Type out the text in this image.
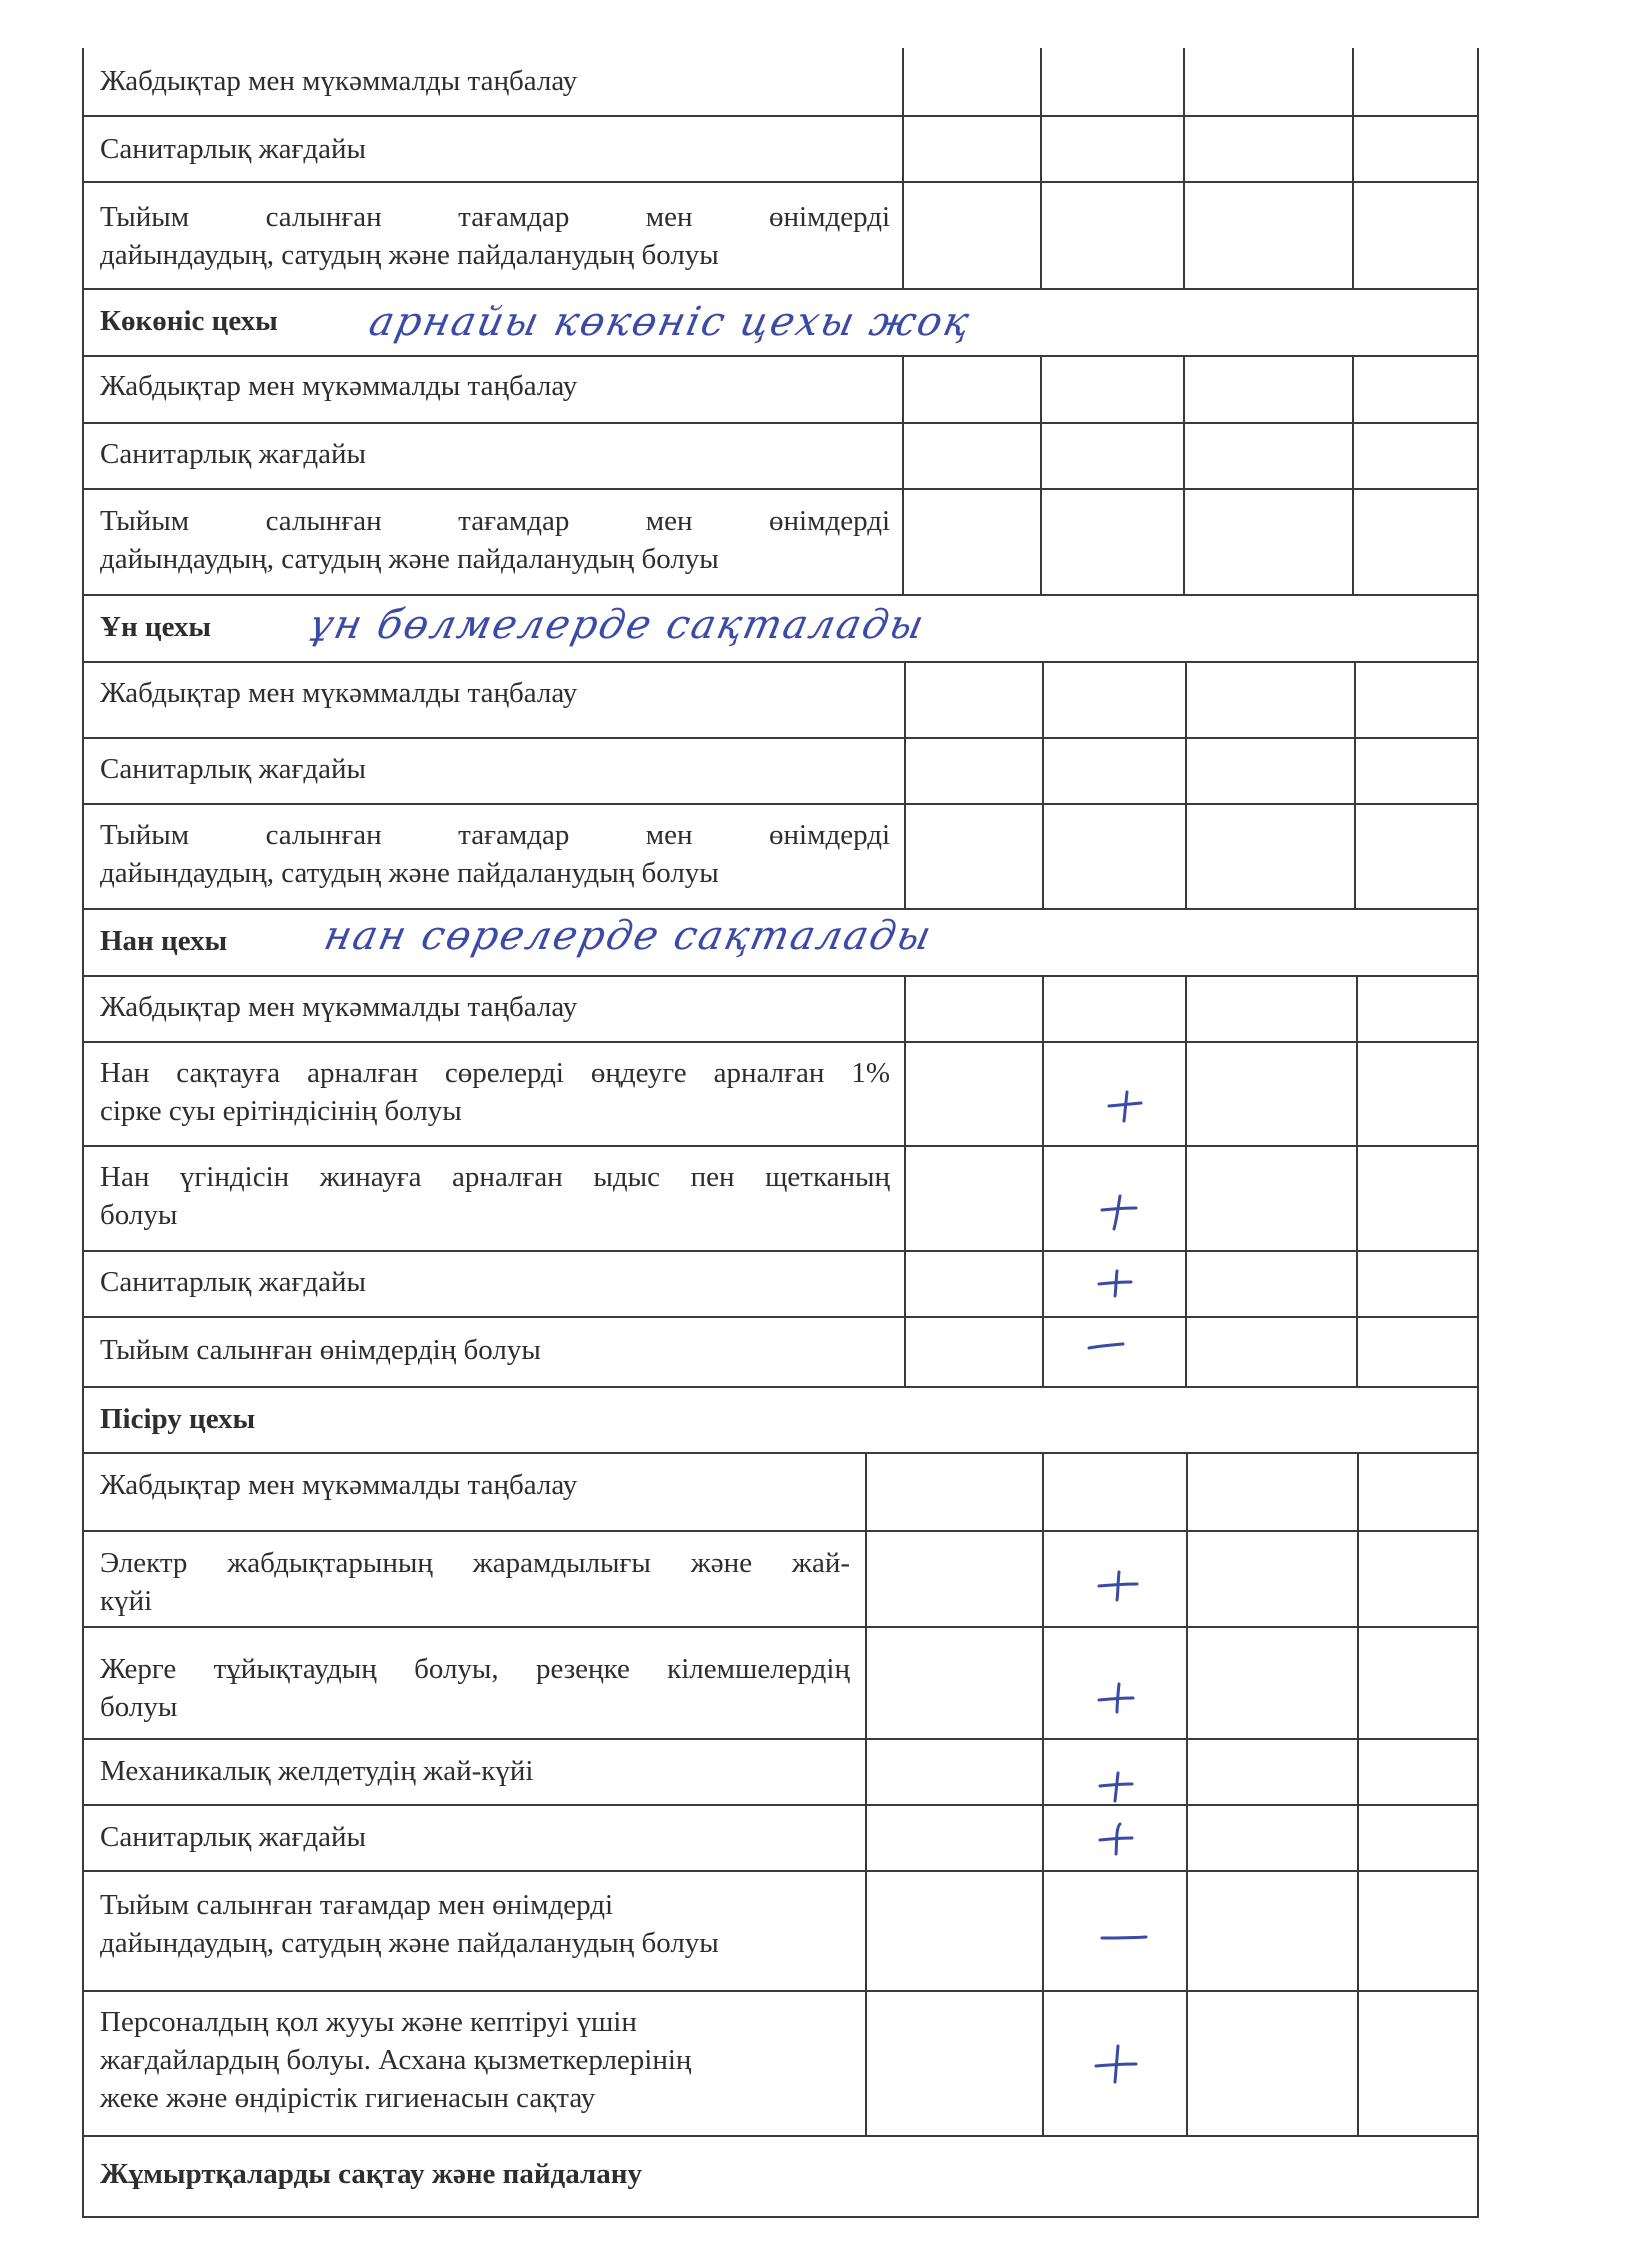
Жабдықтар мен мүкәммалды таңбалау
Санитарлық жағдайы
Тыйым салынған тағамдар мен өнімдерді
дайындаудың, сатудың және пайдаланудың болуы
Көкөніс цехы арнайы көкөніс цехы жоқ
Жабдықтар мен мүкәммалды таңбалау
Санитарлық жағдайы
Тыйым салынған тағамдар мен өнімдерді
дайындаудың, сатудың және пайдаланудың болуы
Ұн цехы ұн бөлмелерде сақталады
Жабдықтар мен мүкәммалды таңбалау
Санитарлық жағдайы
Тыйым салынған тағамдар мен өнімдерді
дайындаудың, сатудың және пайдаланудың болуы
Нан цехы нан сөрелерде сақталады
Жабдықтар мен мүкәммалды таңбалау
Нан сақтауға арналған сөрелерді өңдеуге арналған 1%
сірке суы ерітіндісінің болуы
Нан үгіндісін жинауға арналған ыдыс пен щетканың
болуы
Санитарлық жағдайы
Тыйым салынған өнімдердің болуы
Пісіру цехы
Жабдықтар мен мүкәммалды таңбалау
Электр жабдықтарының жарамдылығы және жай-
күйі
Жерге тұйықтаудың болуы, резеңке кілемшелердің
болуы
Механикалық желдетудің жай-күйі
Санитарлық жағдайы
Тыйым салынған тағамдар мен өнімдерді
дайындаудың, сатудың және пайдаланудың болуы
Персоналдың қол жууы және кептіруі үшін
жағдайлардың болуы. Асхана қызметкерлерінің
жеке және өндірістік гигиенасын сақтау
Жұмыртқаларды сақтау және пайдалану
